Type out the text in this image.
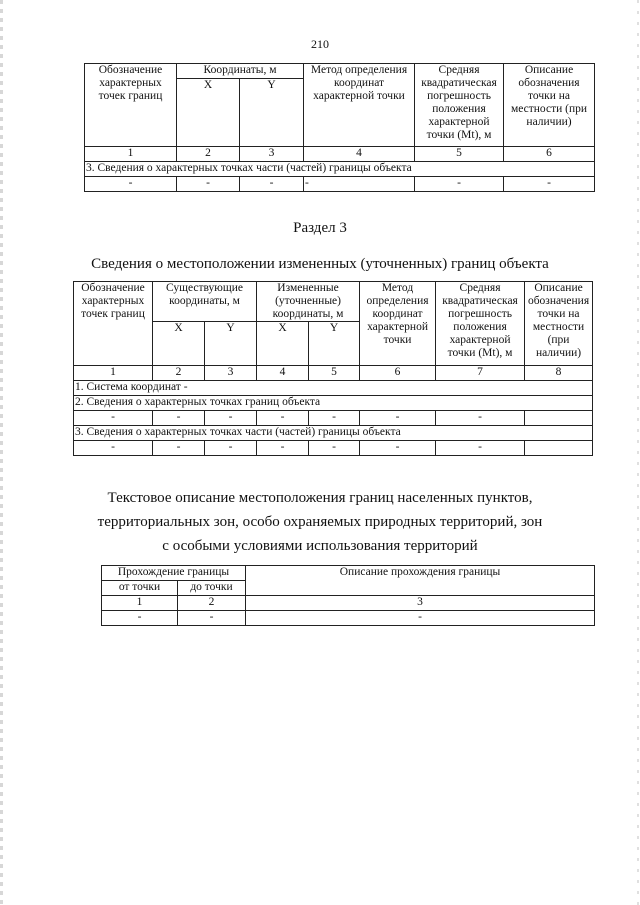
210
Обозначение характерных точек границ	Координаты, м		Метод определения координат характерной точки	Средняя квадратическая погрешность положения характерной точки (Mt), м	Описание обозначения точки на местности (при наличии)
	X	Y			
1	2	3	4	5	6
3. Сведения о характерных точках части (частей) границы объекта					
-	-	-	-	-	-
Раздел 3
Сведения о местоположении измененных (уточненных) границ объекта
Обозначение характерных точек границ	Существующие координаты, м		Измененные (уточненные) координаты, м		Метод определения координат характерной точки	Средняя квадратическая погрешность положения характерной точки (Mt), м	Описание обозначения точки на местности (при наличии)
	X	Y	X	Y			
1	2	3	4	5	6	7	8
1. Система координат -							
2. Сведения о характерных точках границ объекта							
-	-	-	-	-	-	-	
3. Сведения о характерных точках части (частей) границы объекта							
-	-	-	-	-	-	-	
Текстовое описание местоположения границ населенных пунктов,
территориальных зон, особо охраняемых природных территорий, зон
с особыми условиями использования территорий
Прохождение границы		Описание прохождения границы
от точки	до точки	
1	2	3
-	-	-
